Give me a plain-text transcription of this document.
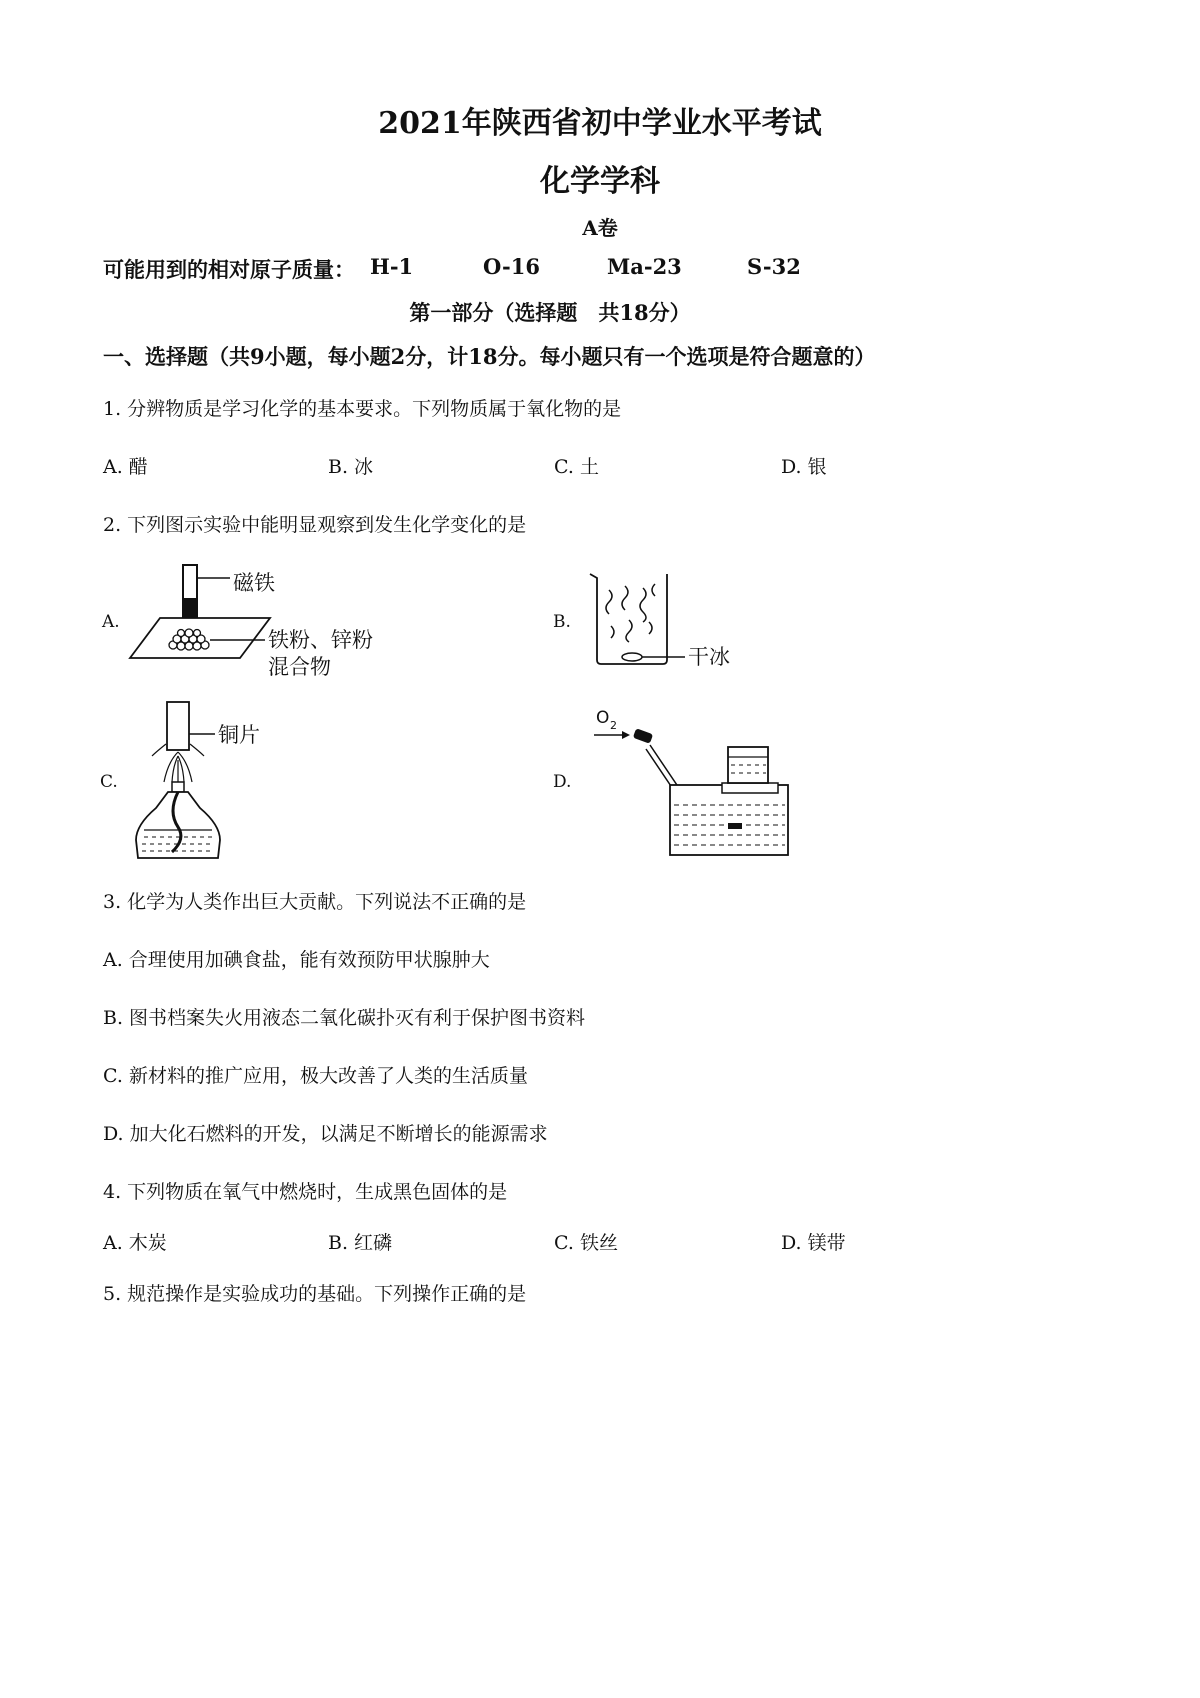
2021年陕西省初中学业水平考试
化学学科
A卷
可能用到的相对原子质量： H-1	O-16	Ma-23	S-32
第一部分（选择题　共18分）
一、选择题（共9小题，每小题2分，计18分。每小题只有一个选项是符合题意的）
1. 分辨物质是学习化学的基本要求。下列物质属于氧化物的是
A. 醋	B. 冰	C. 土	D. 银
2. 下列图示实验中能明显观察到发生化学变化的是
A.
磁铁
铁粉、锌粉
混合物
B.
干冰
C.
铜片
D.
O 2
3. 化学为人类作出巨大贡献。下列说法不正确的是
A. 合理使用加碘食盐，能有效预防甲状腺肿大
B. 图书档案失火用液态二氧化碳扑灭有利于保护图书资料
C. 新材料的推广应用，极大改善了人类的生活质量
D. 加大化石燃料的开发，以满足不断增长的能源需求
4. 下列物质在氧气中燃烧时，生成黑色固体的是
A. 木炭	B. 红磷	C. 铁丝	D. 镁带
5. 规范操作是实验成功的基础。下列操作正确的是
